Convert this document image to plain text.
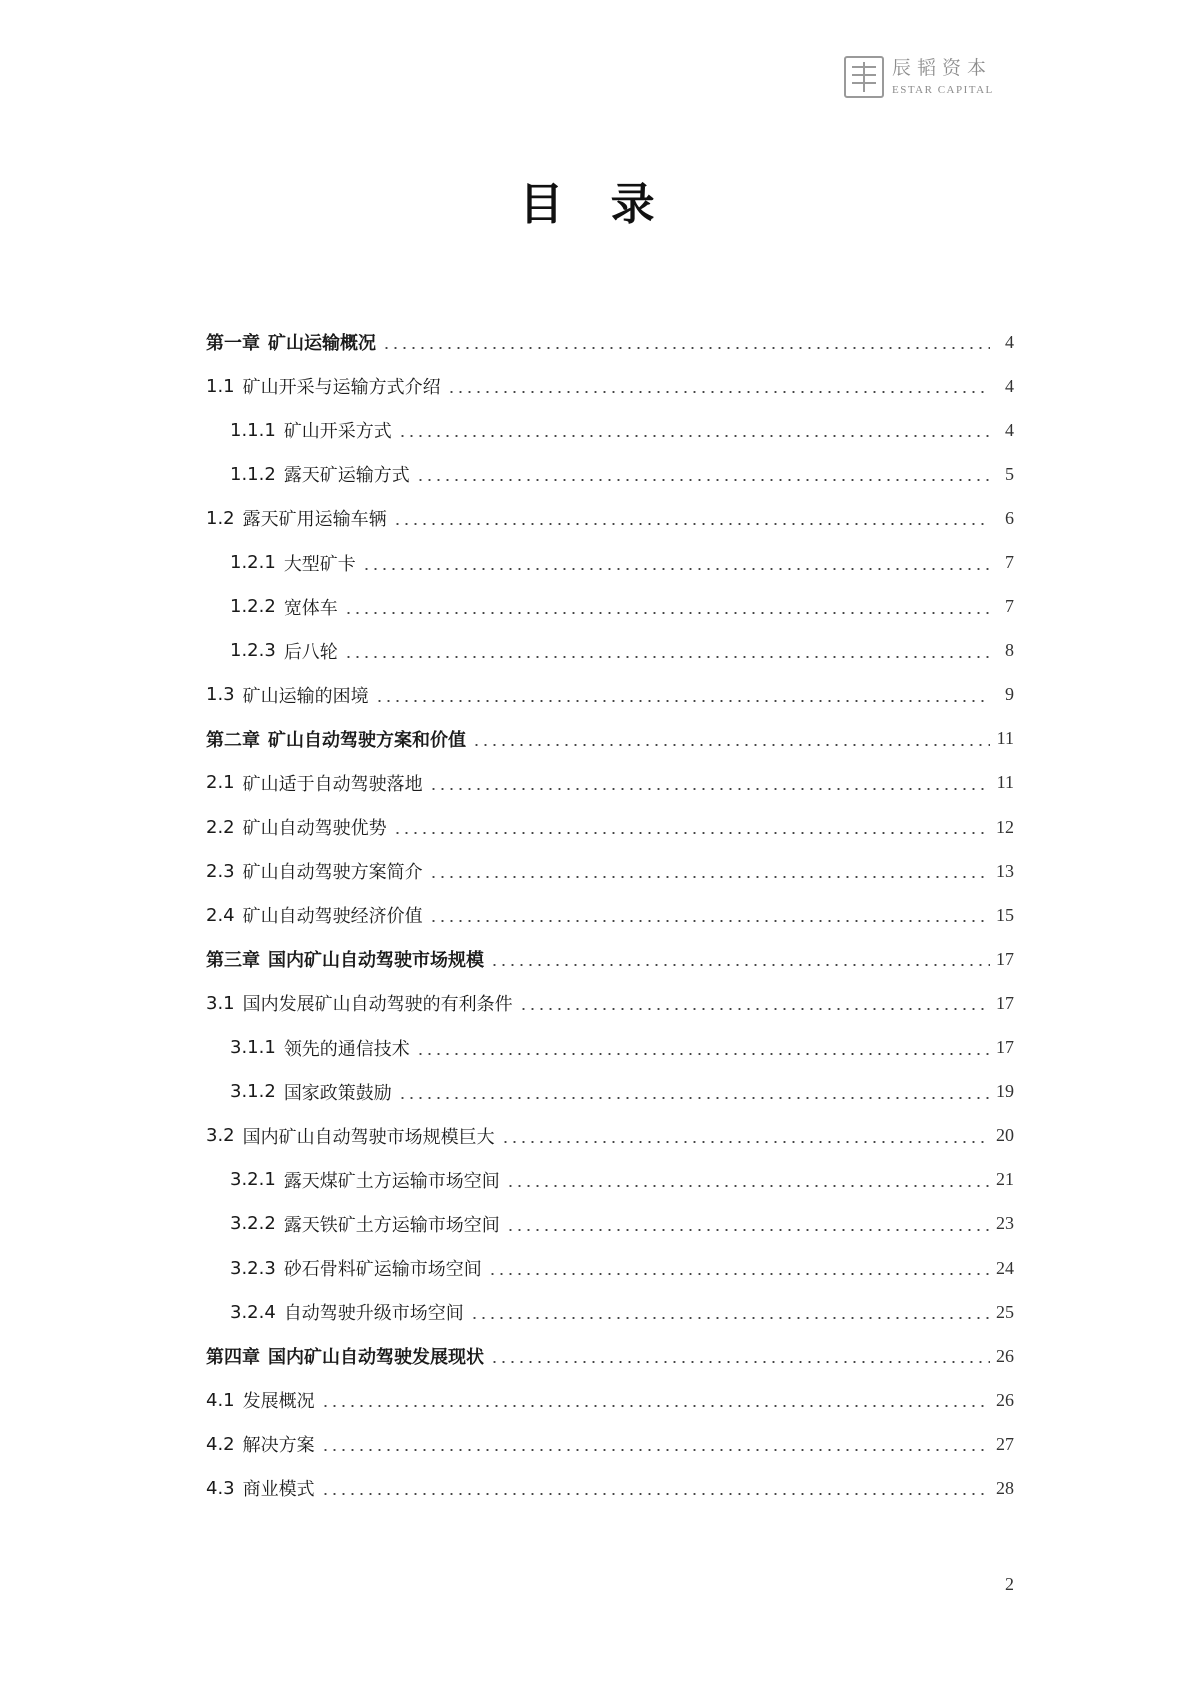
辰韬资本
ESTAR CAPITAL
目 录
第一章 矿山运输概况	4
1.1 矿山开采与运输方式介绍	4
1.1.1 矿山开采方式	4
1.1.2 露天矿运输方式	5
1.2 露天矿用运输车辆	6
1.2.1 大型矿卡	7
1.2.2 宽体车	7
1.2.3 后八轮	8
1.3 矿山运输的困境	9
第二章 矿山自动驾驶方案和价值	11
2.1 矿山适于自动驾驶落地	11
2.2 矿山自动驾驶优势	12
2.3 矿山自动驾驶方案简介	13
2.4 矿山自动驾驶经济价值	15
第三章 国内矿山自动驾驶市场规模	17
3.1 国内发展矿山自动驾驶的有利条件	17
3.1.1 领先的通信技术	17
3.1.2 国家政策鼓励	19
3.2 国内矿山自动驾驶市场规模巨大	20
3.2.1 露天煤矿土方运输市场空间	21
3.2.2 露天铁矿土方运输市场空间	23
3.2.3 砂石骨料矿运输市场空间	24
3.2.4 自动驾驶升级市场空间	25
第四章 国内矿山自动驾驶发展现状	26
4.1 发展概况	26
4.2 解决方案	27
4.3 商业模式	28
2
